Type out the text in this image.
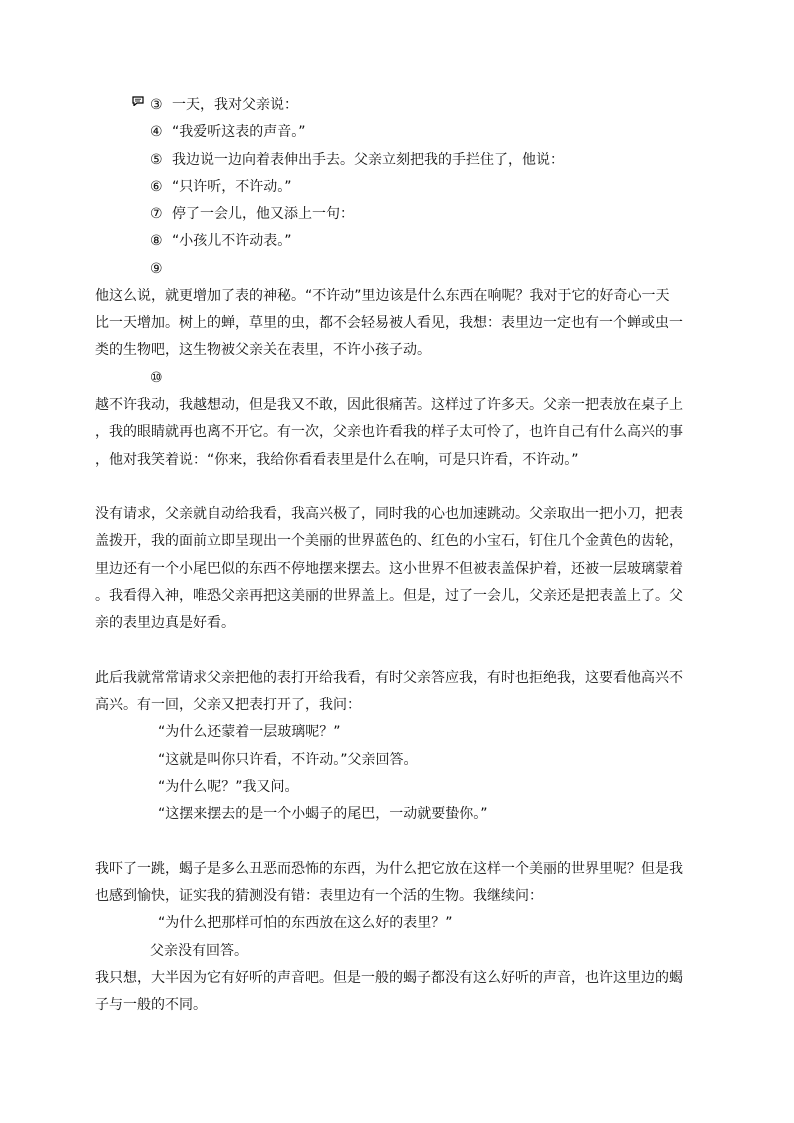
③ 一天，我对父亲说：
④ “我爱听这表的声音。”
⑤ 我边说一边向着表伸出手去。父亲立刻把我的手拦住了，他说：
⑥ “只许听，不许动。”
⑦ 停了一会儿，他又添上一句：
⑧ “小孩儿不许动表。”
⑨
他这么说，就更增加了表的神秘。“不许动”里边该是什么东西在响呢？我对于它的好奇心一天
比一天增加。树上的蝉，草里的虫，都不会轻易被人看见，我想：表里边一定也有一个蝉或虫一
类的生物吧，这生物被父亲关在表里，不许小孩子动。
⑩
越不许我动，我越想动，但是我又不敢，因此很痛苦。这样过了许多天。父亲一把表放在桌子上
，我的眼睛就再也离不开它。有一次，父亲也许看我的样子太可怜了，也许自己有什么高兴的事
，他对我笑着说：“你来，我给你看看表里是什么在响，可是只许看，不许动。”
没有请求，父亲就自动给我看，我高兴极了，同时我的心也加速跳动。父亲取出一把小刀，把表
盖拨开，我的面前立即呈现出一个美丽的世界蓝色的、红色的小宝石，钉住几个金黄色的齿轮，
里边还有一个小尾巴似的东西不停地摆来摆去。这小世界不但被表盖保护着，还被一层玻璃蒙着
。我看得入神，唯恐父亲再把这美丽的世界盖上。但是，过了一会儿，父亲还是把表盖上了。父
亲的表里边真是好看。
此后我就常常请求父亲把他的表打开给我看，有时父亲答应我，有时也拒绝我，这要看他高兴不
高兴。有一回，父亲又把表打开了，我问：
“为什么还蒙着一层玻璃呢？”
“这就是叫你只许看，不许动。”父亲回答。
“为什么呢？”我又问。
“这摆来摆去的是一个小蝎子的尾巴，一动就要蛰你。”
我吓了一跳，蝎子是多么丑恶而恐怖的东西，为什么把它放在这样一个美丽的世界里呢？但是我
也感到愉快，证实我的猜测没有错：表里边有一个活的生物。我继续问：
“为什么把那样可怕的东西放在这么好的表里？”
父亲没有回答。
我只想，大半因为它有好听的声音吧。但是一般的蝎子都没有这么好听的声音，也许这里边的蝎
子与一般的不同。
